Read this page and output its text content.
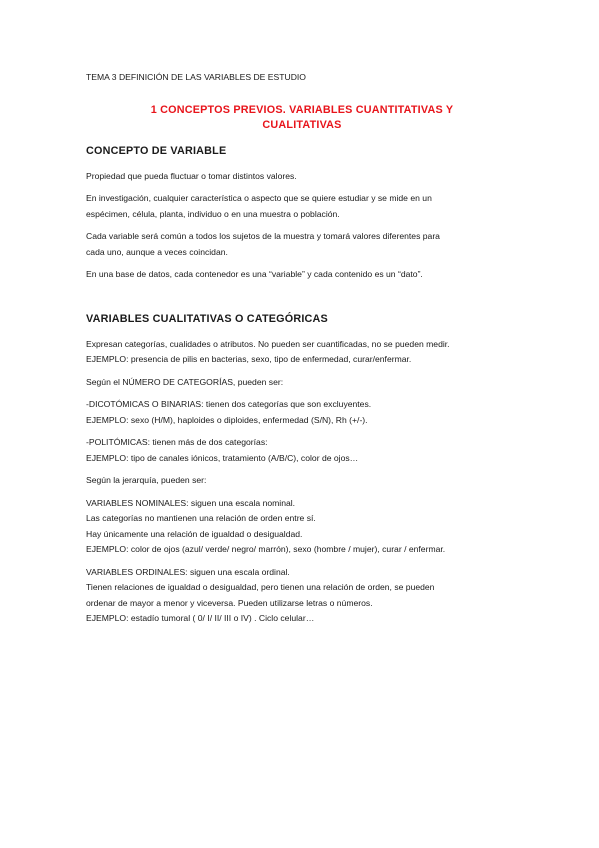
TEMA 3 DEFINICIÓN DE LAS VARIABLES DE ESTUDIO

1 CONCEPTOS PREVIOS. VARIABLES CUANTITATIVAS Y
CUALITATIVAS
CONCEPTO DE VARIABLE

Propiedad que pueda fluctuar o tomar distintos valores.

En investigación, cualquier característica o aspecto que se quiere estudiar y se mide en un

espécimen, célula, planta, individuo o en una muestra o población.

Cada variable será común a todos los sujetos de la muestra y tomará valores diferentes para

cada uno, aunque a veces coincidan.

En una base de datos, cada contenedor es una “variable” y cada contenido es un “dato”.

VARIABLES CUALITATIVAS O CATEGÓRICAS

Expresan categorías, cualidades o atributos. No pueden ser cuantificadas, no se pueden medir.

EJEMPLO: presencia de pilis en bacterias, sexo, tipo de enfermedad, curar/enfermar.

Según el NÚMERO DE CATEGORÍAS, pueden ser:

-DICOTÓMICAS O BINARIAS: tienen dos categorías que son excluyentes.

EJEMPLO: sexo (H/M), haploides o diploides, enfermedad (S/N), Rh (+/-).

-POLITÓMICAS: tienen más de dos categorías:

EJEMPLO: tipo de canales iónicos, tratamiento (A/B/C), color de ojos…

Según la jerarquía, pueden ser:

VARIABLES NOMINALES: siguen una escala nominal.

Las categorías no mantienen una relación de orden entre sí.

Hay únicamente una relación de igualdad o desigualdad.

EJEMPLO: color de ojos (azul/ verde/ negro/ marrón), sexo (hombre / mujer), curar / enfermar.

VARIABLES ORDINALES: siguen una escala ordinal.

Tienen relaciones de igualdad o desigualdad, pero tienen una relación de orden, se pueden

ordenar de mayor a menor y viceversa. Pueden utilizarse letras o números.

EJEMPLO: estadío tumoral ( 0/ I/ II/ III o IV) . Ciclo celular…
